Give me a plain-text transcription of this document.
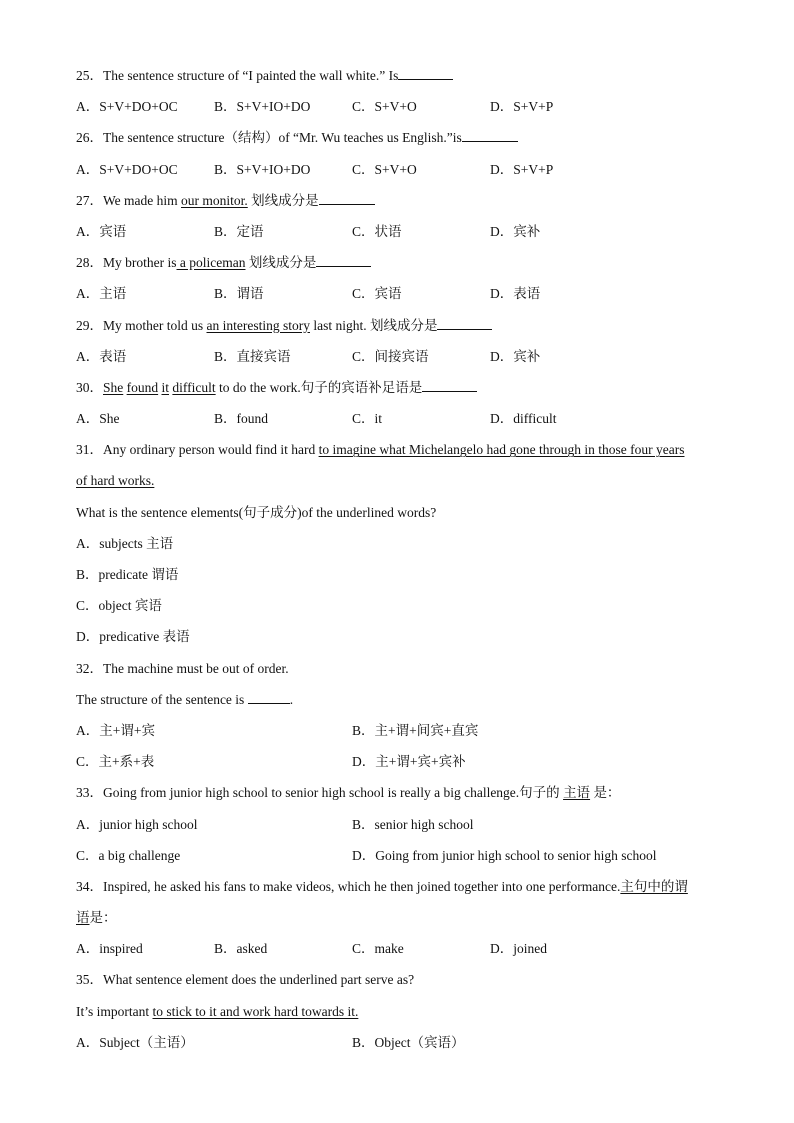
25．The sentence structure of “I painted the wall white.” Is
A．S+V+DO+OC	B．S+V+IO+DO	C．S+V+O	D．S+V+P
26．The sentence structure（结构）of “Mr. Wu teaches us English.”is
A．S+V+DO+OC	B．S+V+IO+DO	C．S+V+O	D．S+V+P
27．We made him our monitor. 划线成分是
A．宾语	B．定语	C．状语	D．宾补
28．My brother is a policeman 划线成分是
A．主语	B．谓语	C．宾语	D．表语
29．My mother told us an interesting story last night. 划线成分是
A．表语	B．直接宾语	C．间接宾语	D．宾补
30．She found it difficult to do the work.句子的宾语补足语是
A．She	B．found	C．it	D．difficult
31．Any ordinary person would find it hard to imagine what Michelangelo had gone through in those four years
of hard works.
What is the sentence elements(句子成分)of the underlined words?
A．subjects 主语
B．predicate 谓语
C．object 宾语
D．predicative 表语
32．The machine must be out of order.
The structure of the sentence is	.
A．主+谓+宾	B．主+谓+间宾+直宾
C．主+系+表	D．主+谓+宾+宾补
33．Going from junior high school to senior high school is really a big challenge.句子的 主语 是：
A．junior high school	B．senior high school
C．a big challenge	D．Going from junior high school to senior high school
34．Inspired, he asked his fans to make videos, which he then joined together into one performance.主句中的谓
语是：
A．inspired	B．asked	C．make	D．joined
35．What sentence element does the underlined part serve as?
It’s important to stick to it and work hard towards it.
A．Subject（主语）	B．Object（宾语）
